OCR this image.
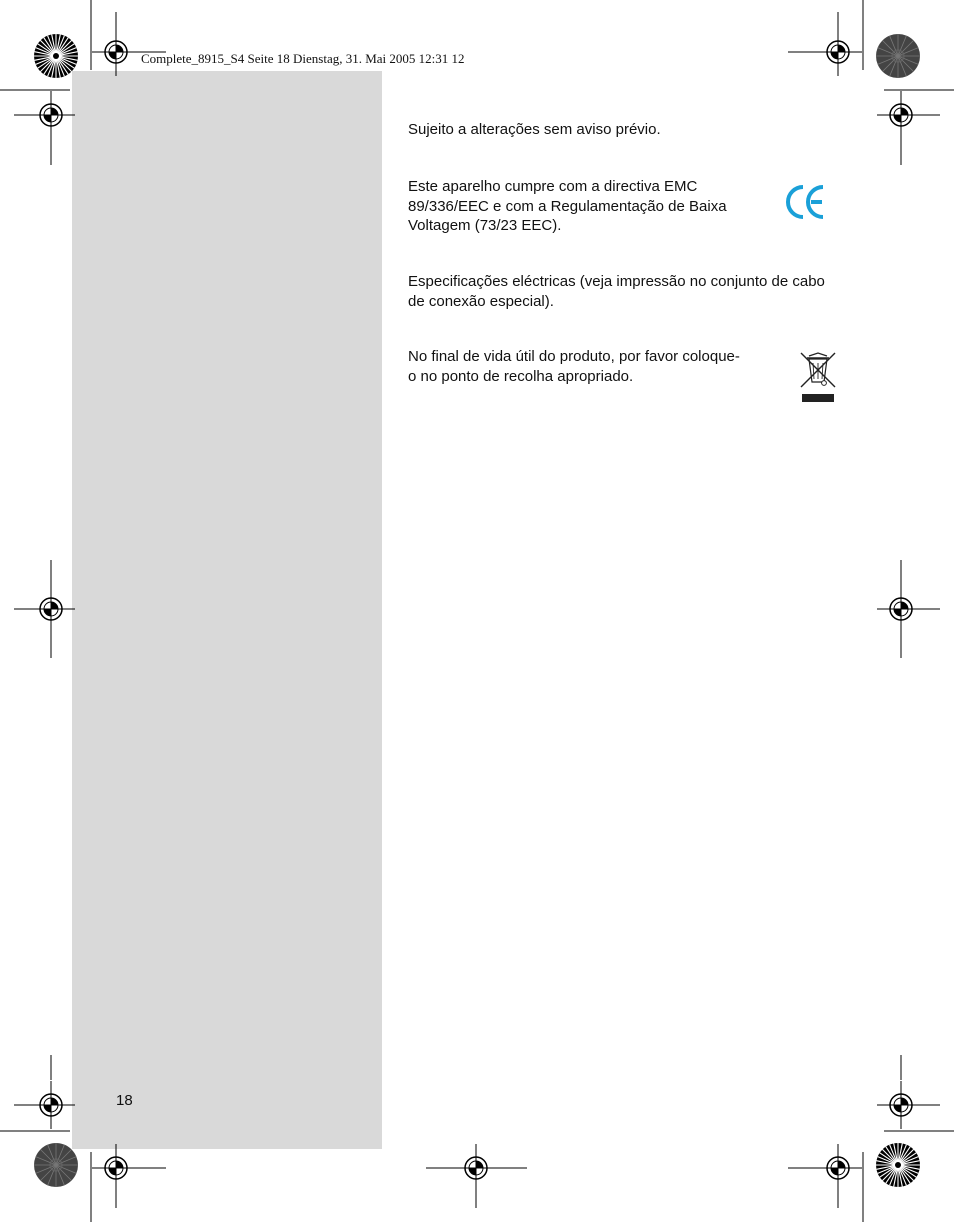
Complete_8915_S4 Seite 18 Dienstag, 31. Mai 2005 12:31 12
Sujeito a alterações sem aviso prévio.
Este aparelho cumpre com a directiva EMC 89/336/EEC e com a Regulamentação de Baixa Voltagem (73/23 EEC).
Especificações eléctricas (veja impressão no conjunto de cabo de conexão especial).
No final de vida útil do produto, por favor coloque-o no ponto de recolha apropriado.
18
